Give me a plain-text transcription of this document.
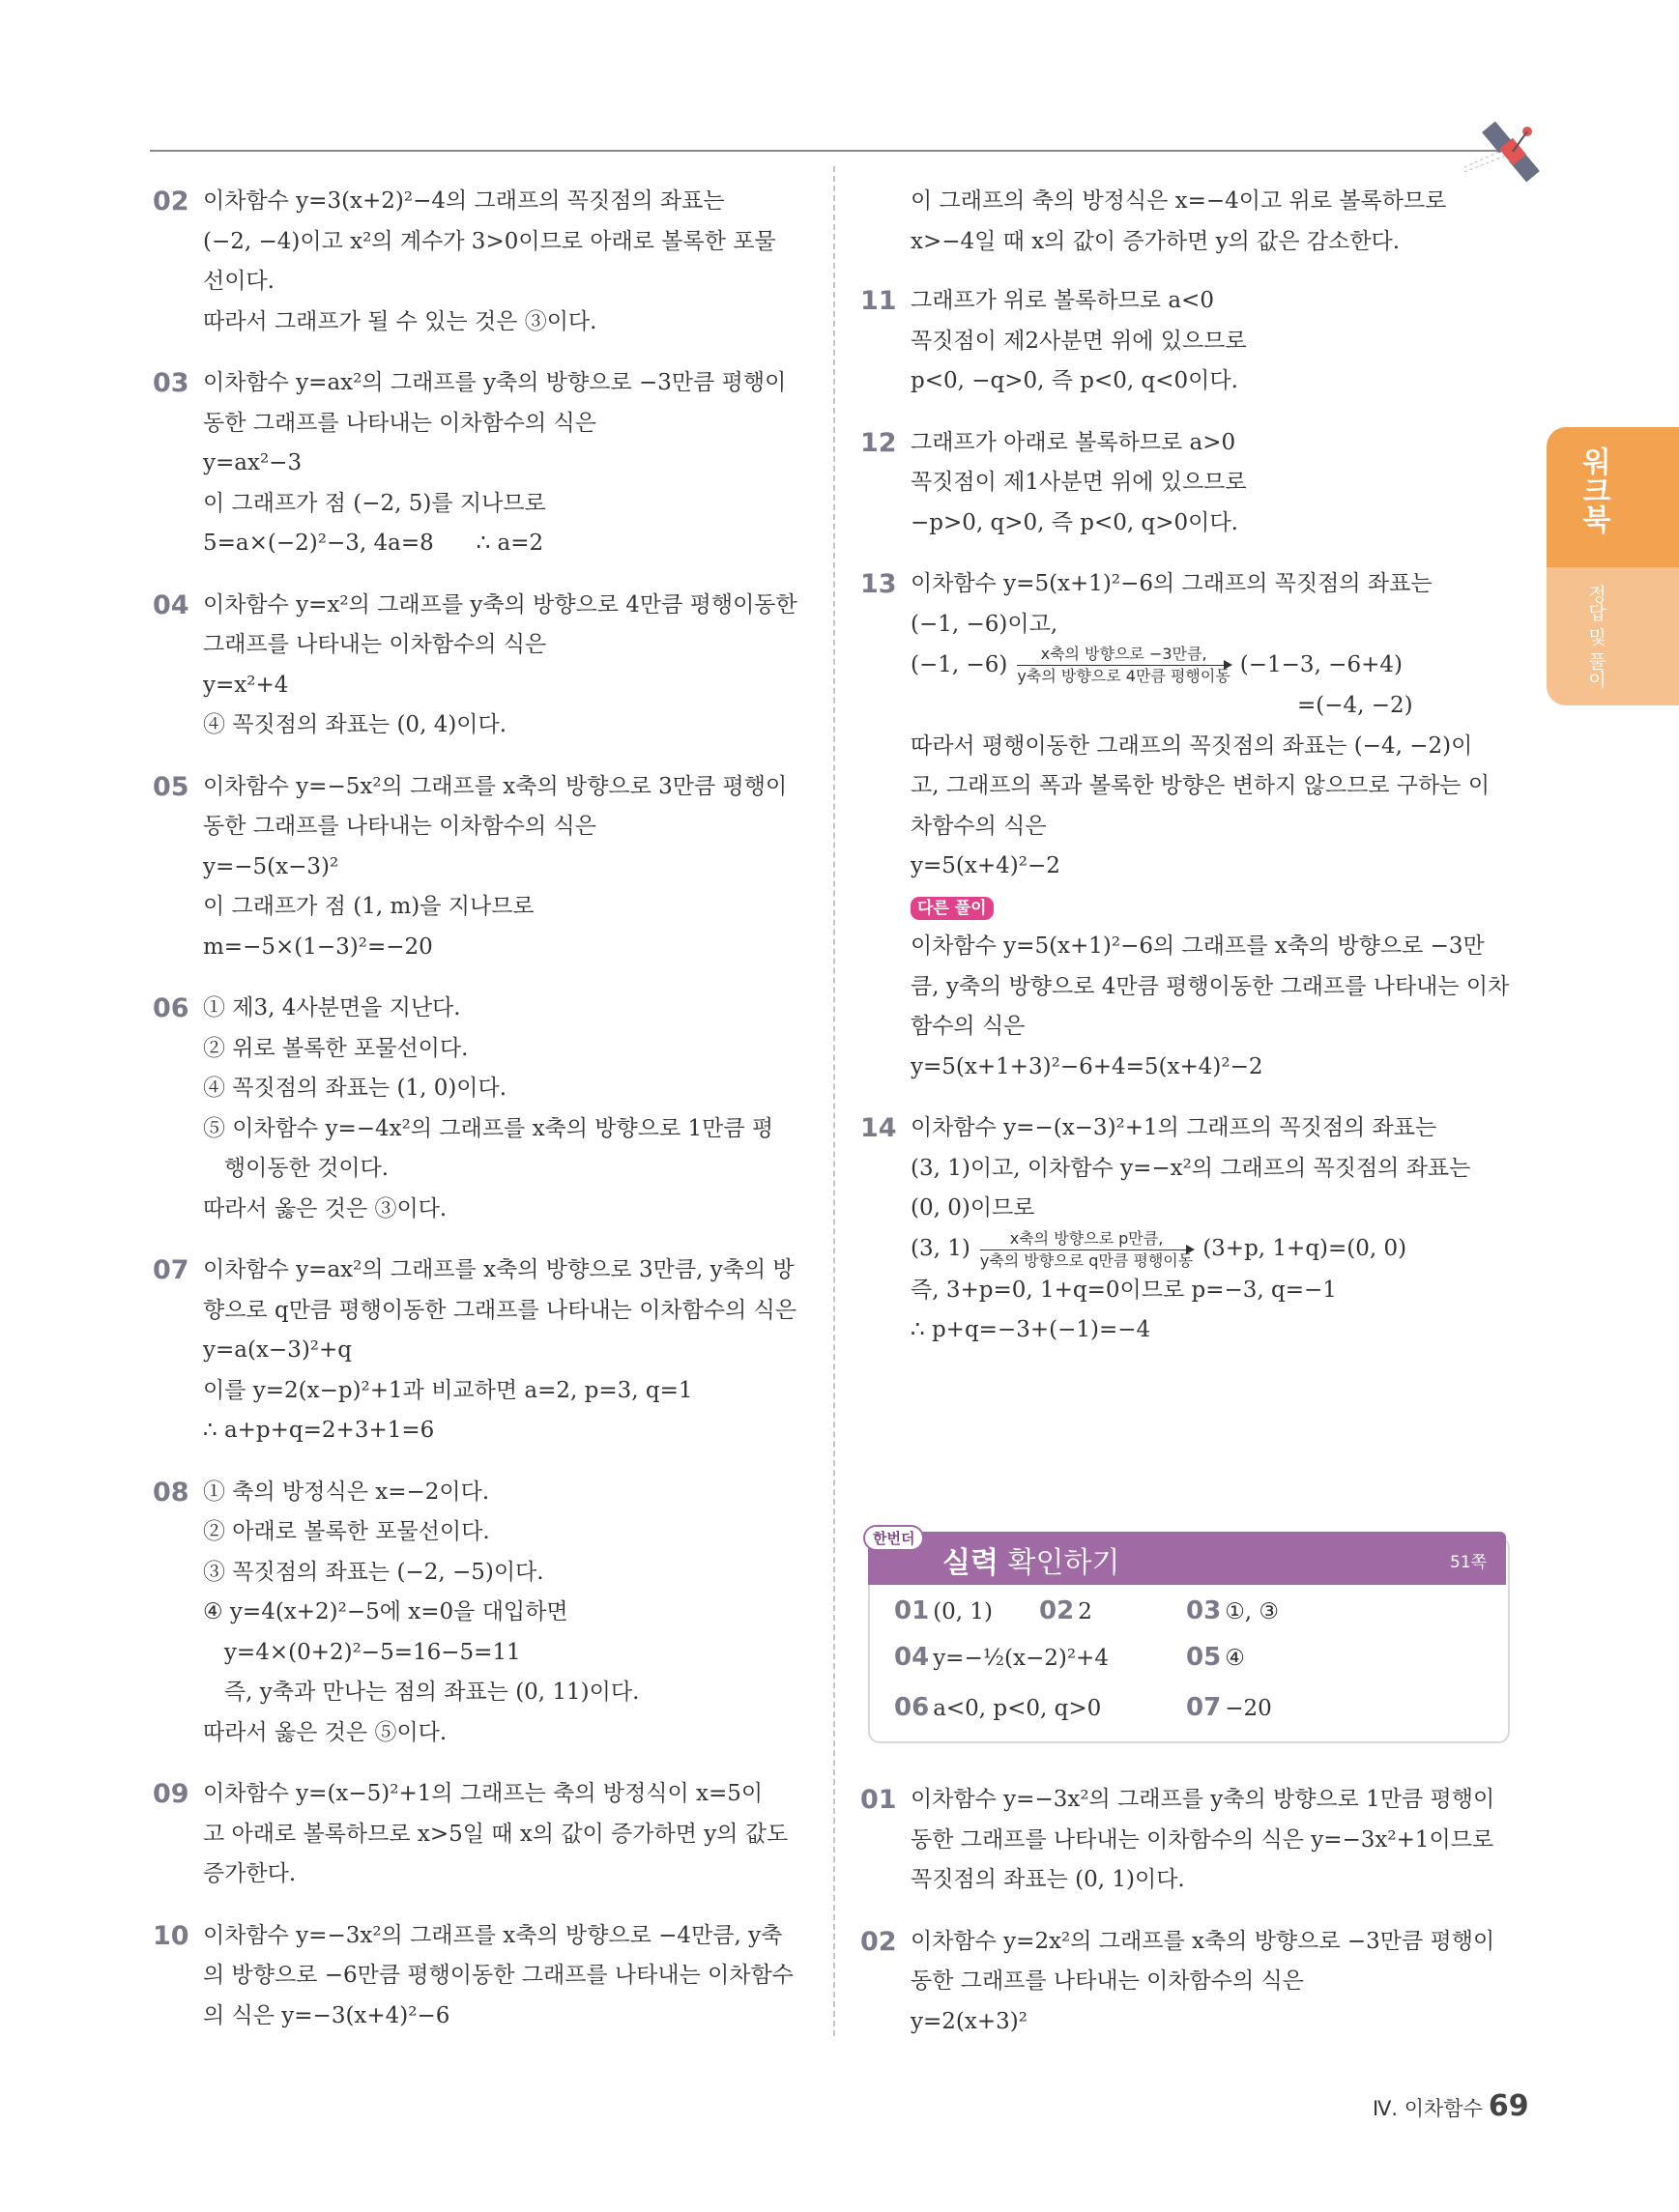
02 이차함수 y=3(x+2)²−4의 그래프의 꼭짓점의 좌표는
(−2, −4)이고 x²의 계수가 3>0이므로 아래로 볼록한 포물
선이다.
따라서 그래프가 될 수 있는 것은 ③이다.
03 이차함수 y=ax²의 그래프를 y축의 방향으로 −3만큼 평행이
동한 그래프를 나타내는 이차함수의 식은
y=ax²−3
이 그래프가 점 (−2, 5)를 지나므로
5=a×(−2)²−3, 4a=8      ∴ a=2
04 이차함수 y=x²의 그래프를 y축의 방향으로 4만큼 평행이동한
그래프를 나타내는 이차함수의 식은
y=x²+4
④ 꼭짓점의 좌표는 (0, 4)이다.
05 이차함수 y=−5x²의 그래프를 x축의 방향으로 3만큼 평행이
동한 그래프를 나타내는 이차함수의 식은
y=−5(x−3)²
이 그래프가 점 (1, m)을 지나므로
m=−5×(1−3)²=−20
06 ① 제3, 4사분면을 지난다.
② 위로 볼록한 포물선이다.
④ 꼭짓점의 좌표는 (1, 0)이다.
⑤ 이차함수 y=−4x²의 그래프를 x축의 방향으로 1만큼 평
행이동한 것이다.
따라서 옳은 것은 ③이다.
07 이차함수 y=ax²의 그래프를 x축의 방향으로 3만큼, y축의 방
향으로 q만큼 평행이동한 그래프를 나타내는 이차함수의 식은
y=a(x−3)²+q
이를 y=2(x−p)²+1과 비교하면 a=2, p=3, q=1
∴ a+p+q=2+3+1=6
08 ① 축의 방정식은 x=−2이다.
② 아래로 볼록한 포물선이다.
③ 꼭짓점의 좌표는 (−2, −5)이다.
④ y=4(x+2)²−5에 x=0을 대입하면
y=4×(0+2)²−5=16−5=11
즉, y축과 만나는 점의 좌표는 (0, 11)이다.
따라서 옳은 것은 ⑤이다.
09 이차함수 y=(x−5)²+1의 그래프는 축의 방정식이 x=5이
고 아래로 볼록하므로 x>5일 때 x의 값이 증가하면 y의 값도
증가한다.
10 이차함수 y=−3x²의 그래프를 x축의 방향으로 −4만큼, y축
의 방향으로 −6만큼 평행이동한 그래프를 나타내는 이차함수
의 식은 y=−3(x+4)²−6
이 그래프의 축의 방정식은 x=−4이고 위로 볼록하므로
x>−4일 때 x의 값이 증가하면 y의 값은 감소한다.
11 그래프가 위로 볼록하므로 a<0
꼭짓점이 제2사분면 위에 있으므로
p<0, −q>0, 즉 p<0, q<0이다.
12 그래프가 아래로 볼록하므로 a>0
꼭짓점이 제1사분면 위에 있으므로
−p>0, q>0, 즉 p<0, q>0이다.
13 이차함수 y=5(x+1)²−6의 그래프의 꼭짓점의 좌표는
(−1, −6)이고,
(−1, −6)	x축의 방향으로 −3만큼,
y축의 방향으로 4만큼 평행이동 (−1−3, −6+4)
=(−4, −2)
따라서 평행이동한 그래프의 꼭짓점의 좌표는 (−4, −2)이
고, 그래프의 폭과 볼록한 방향은 변하지 않으므로 구하는 이
차함수의 식은
y=5(x+4)²−2
다른 풀이
이차함수 y=5(x+1)²−6의 그래프를 x축의 방향으로 −3만
큼, y축의 방향으로 4만큼 평행이동한 그래프를 나타내는 이차
함수의 식은
y=5(x+1+3)²−6+4=5(x+4)²−2
14 이차함수 y=−(x−3)²+1의 그래프의 꼭짓점의 좌표는
(3, 1)이고, 이차함수 y=−x²의 그래프의 꼭짓점의 좌표는
(0, 0)이므로
(3, 1)	x축의 방향으로 p만큼,
y축의 방향으로 q만큼 평행이동 (3+p, 1+q)=(0, 0)
즉, 3+p=0, 1+q=0이므로 p=−3, q=−1
∴ p+q=−3+(−1)=−4
한번더
실력 확인하기	51쪽
01 (0, 1) 02 2	03 ①, ③
04 y=−½(x−2)²+4	05 ④
06 a<0, p<0, q>0	07 −20
01 이차함수 y=−3x²의 그래프를 y축의 방향으로 1만큼 평행이
동한 그래프를 나타내는 이차함수의 식은 y=−3x²+1이므로
꼭짓점의 좌표는 (0, 1)이다.
02 이차함수 y=2x²의 그래프를 x축의 방향으로 −3만큼 평행이
동한 그래프를 나타내는 이차함수의 식은
y=2(x+3)²
워크북
정답 및 풀이
Ⅳ. 이차함수 69
